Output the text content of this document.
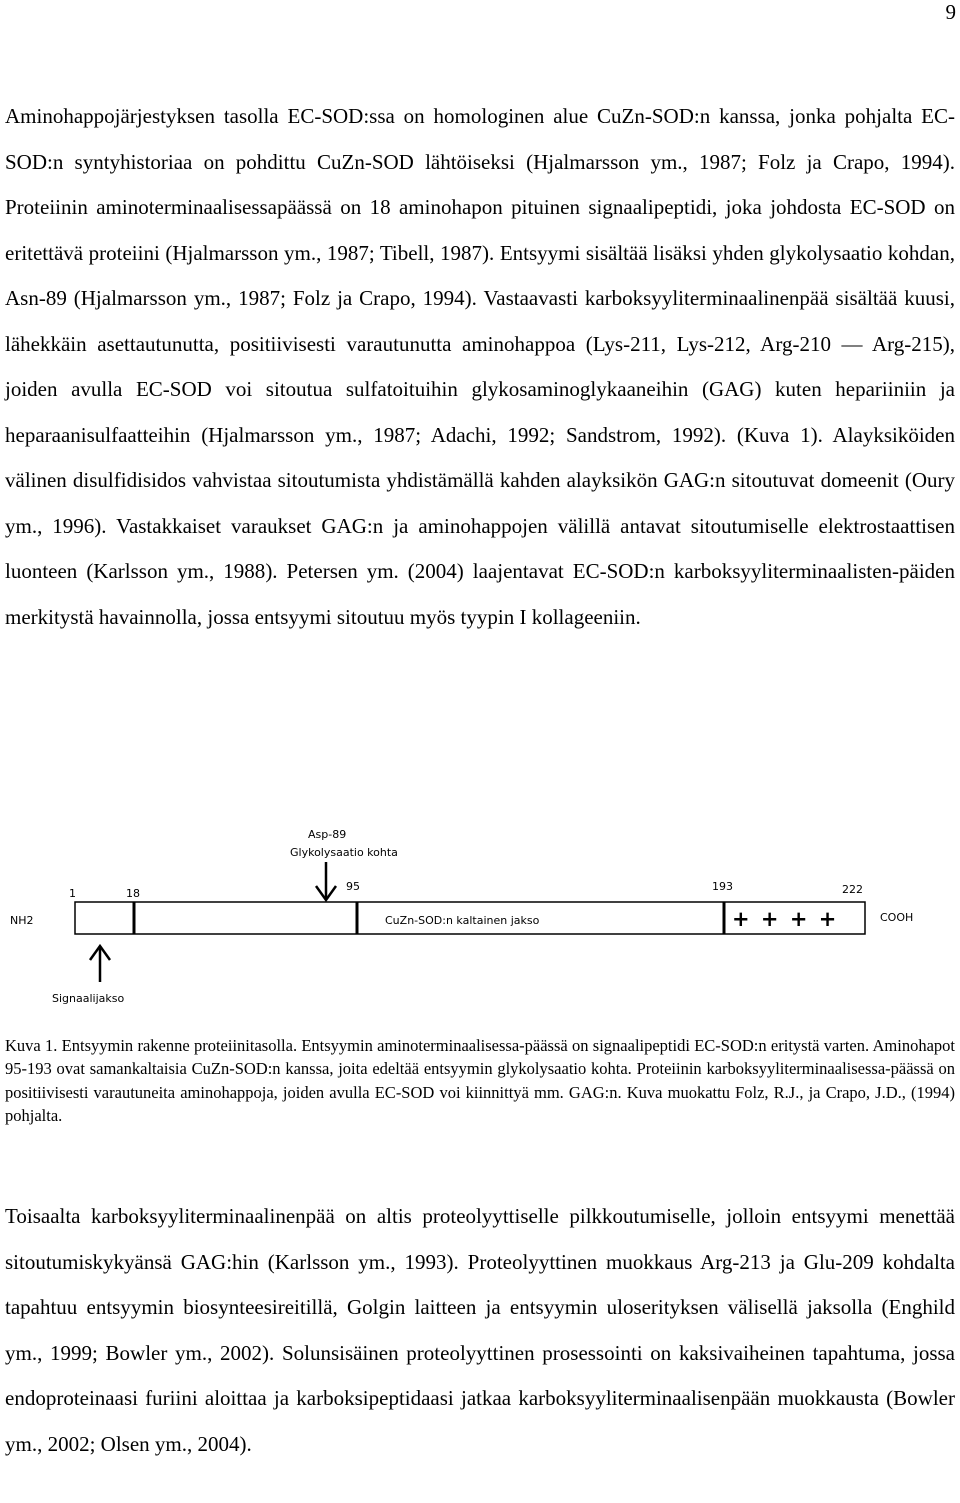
9

Aminohappojärjestyksen tasolla EC-SOD:ssa on homologinen alue CuZn-SOD:n kanssa, jonka pohjalta EC-SOD:n syntyhistoriaa on pohdittu CuZn-SOD lähtöiseksi (Hjalmarsson ym., 1987; Folz ja Crapo, 1994). Proteiinin aminoterminaalisessapäässä on 18 aminohapon pituinen signaalipeptidi, joka johdosta EC-SOD on eritettävä proteiini (Hjalmarsson ym., 1987; Tibell, 1987). Entsyymi sisältää lisäksi yhden glykolysaatio kohdan, Asn-89 (Hjalmarsson ym., 1987; Folz ja Crapo, 1994). Vastaavasti karboksyyliterminaalinenpää sisältää kuusi, lähekkäin asettautunutta, positiivisesti varautunutta aminohappoa (Lys-211, Lys-212, Arg-210 — Arg-215), joiden avulla EC-SOD voi sitoutua sulfatoituihin glykosaminoglykaaneihin (GAG) kuten hepariiniin ja heparaanisulfaatteihin (Hjalmarsson ym., 1987; Adachi, 1992; Sandstrom, 1992). (Kuva 1). Alayksiköiden välinen disulfidisidos vahvistaa sitoutumista yhdistämällä kahden alayksikön GAG:n sitoutuvat domeenit (Oury ym., 1996). Vastakkaiset varaukset GAG:n ja aminohappojen välillä antavat sitoutumiselle elektrostaattisen luonteen (Karlsson ym., 1988). Petersen ym. (2004) laajentavat EC-SOD:n karboksyyliterminaalisten-päiden merkitystä havainnolla, jossa entsyymi sitoutuu myös tyypin I kollageeniin.

Asp-89
Glykolysaatio kohta
1	18
95	193	222
NH2	COOH
CuZn-SOD:n kaltainen jakso	+ + + +
Signaalijakso

Kuva 1. Entsyymin rakenne proteiinitasolla. Entsyymin aminoterminaalisessa-päässä on signaalipeptidi EC-SOD:n eritystä varten. Aminohapot 95-193 ovat samankaltaisia CuZn-SOD:n kanssa, joita edeltää entsyymin glykolysaatio kohta. Proteiinin karboksyyliterminaalisessa-päässä on positiivisesti varautuneita aminohappoja, joiden avulla EC-SOD voi kiinnittyä mm. GAG:n. Kuva muokattu Folz, R.J., ja Crapo, J.D., (1994) pohjalta.

Toisaalta karboksyyliterminaalinenpää on altis proteolyyttiselle pilkkoutumiselle, jolloin entsyymi menettää sitoutumiskykyänsä GAG:hin (Karlsson ym., 1993). Proteolyyttinen muokkaus Arg-213 ja Glu-209 kohdalta tapahtuu entsyymin biosynteesireitillä, Golgin laitteen ja entsyymin uloserityksen välisellä jaksolla (Enghild ym., 1999; Bowler ym., 2002). Solunsisäinen proteolyyttinen prosessointi on kaksivaiheinen tapahtuma, jossa endoproteinaasi furiini aloittaa ja karboksipeptidaasi jatkaa karboksyyliterminaalisenpään muokkausta (Bowler ym., 2002; Olsen ym., 2004).
